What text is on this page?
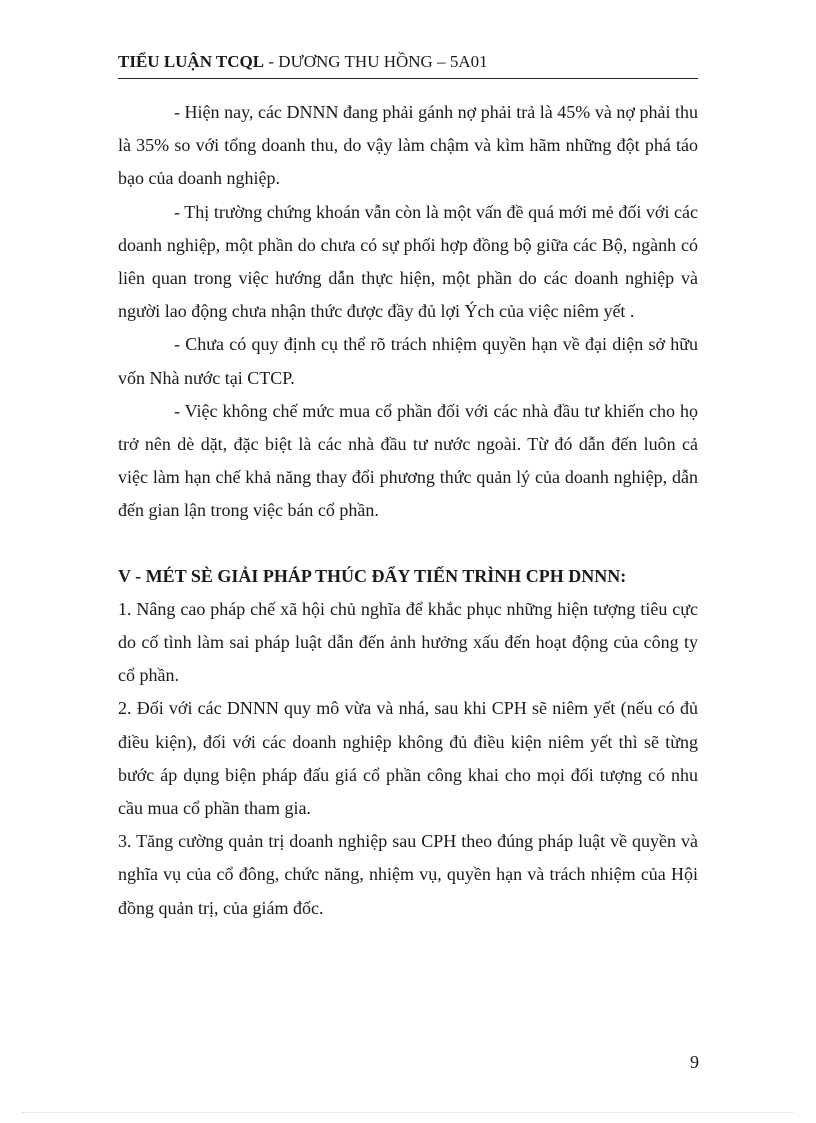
TIỂU LUẬN TCQL - DƯƠNG THU HỒNG – 5A01

- Hiện nay, các DNNN đang phải gánh nợ phải trả là 45% và nợ phải thu là 35% so với tổng doanh thu, do vậy làm chậm và kìm hãm những đột phá táo bạo của doanh nghiệp.

- Thị trường chứng khoán vẫn còn là một vấn đề quá mới mẻ đối với các doanh nghiệp, một phần do chưa có sự phối hợp đồng bộ giữa các Bộ, ngành có liên quan trong việc hướng dẫn thực hiện, một phần do các doanh nghiệp và người lao động chưa nhận thức được đầy đủ lợi Ých của việc niêm yết .

- Chưa có quy định cụ thể rõ trách nhiệm quyền hạn về đại diện sở hữu vốn Nhà nước tại CTCP.

- Việc không chế mức mua cổ phần đối với các nhà đầu tư khiến cho họ trở nên dè dặt, đặc biệt là các nhà đầu tư nước ngoài. Từ đó dẫn đến luôn cả việc làm hạn chế khả năng thay đổi phương thức quản lý của doanh nghiệp, dẫn đến gian lận trong việc bán cổ phần.

V - MÉT SÈ GIẢI PHÁP THÚC ĐẨY TIẾN TRÌNH CPH DNNN:

1. Nâng cao pháp chế xã hội chủ nghĩa để khắc phục những hiện tượng tiêu cực do cố tình làm sai pháp luật dẫn đến ảnh hưởng xấu đến hoạt động của công ty cổ phần.

2. Đối với các DNNN quy mô vừa và nhá, sau khi CPH sẽ niêm yết (nếu có đủ điều kiện), đối với các doanh nghiệp không đủ điều kiện niêm yết thì sẽ từng bước áp dụng biện pháp đấu giá cổ phần công khai cho mọi đối tượng có nhu cầu mua cổ phần tham gia.

3. Tăng cường quản trị doanh nghiệp sau CPH theo đúng pháp luật về quyền và nghĩa vụ của cổ đông, chức năng, nhiệm vụ, quyền hạn và trách nhiệm của Hội đồng quản trị, của giám đốc.

9
